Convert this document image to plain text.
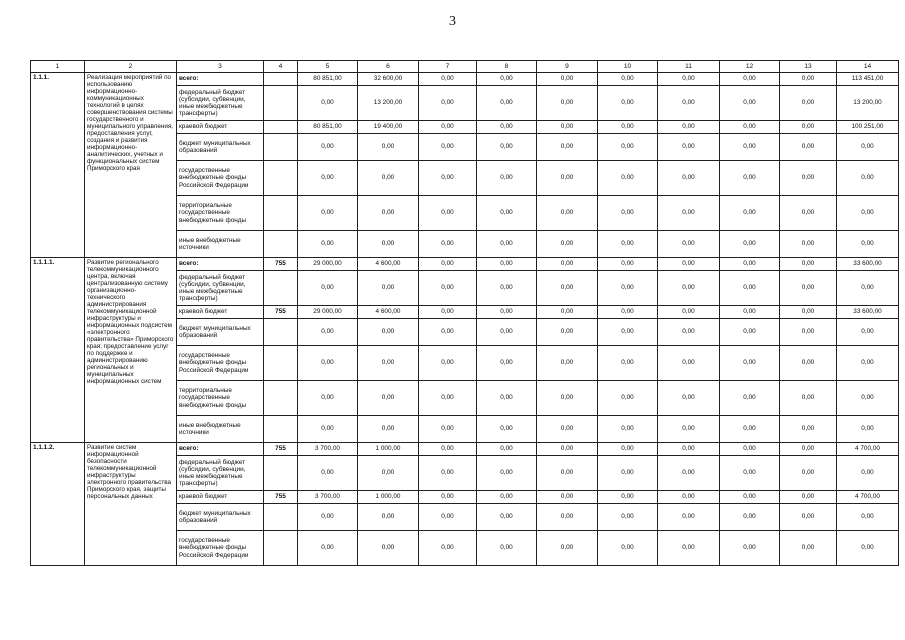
3
1	2	3	4	5	6	7	8	9	10	11	12	13	14
1.1.1.	Реализация мероприятий по использованию информационно-коммуникационных технологий в целях совершенствования системы государственного и муниципального управления, предоставления услуг, создания и развития информационно-аналитических, учетных и функциональных систем Приморского края	всего:		80 851,00	32 600,00	0,00	0,00	0,00	0,00	0,00	0,00	0,00	113 451,00
		федеральный бюджет (субсидии, субвенции, иные межбюджетные трансферты)		0,00	13 200,00	0,00	0,00	0,00	0,00	0,00	0,00	0,00	13 200,00
		краевой бюджет		80 851,00	19 400,00	0,00	0,00	0,00	0,00	0,00	0,00	0,00	100 251,00
		бюджет муниципальных образований		0,00	0,00	0,00	0,00	0,00	0,00	0,00	0,00	0,00	0,00
		государственные внебюджетные фонды Российской Федерации		0,00	0,00	0,00	0,00	0,00	0,00	0,00	0,00	0,00	0,00
		территориальные государственные внебюджетные фонды		0,00	0,00	0,00	0,00	0,00	0,00	0,00	0,00	0,00	0,00
		иные внебюджетные источники		0,00	0,00	0,00	0,00	0,00	0,00	0,00	0,00	0,00	0,00
1.1.1.1.	Развитие регионального телекоммуникационного центра, включая централизованную систему организационно-технического администрирования телекоммуникационной инфраструктуры и информационных подсистем «электронного правительства» Приморского края; предоставление услуг по поддержке и администрированию региональных и муниципальных информационных систем	всего:	755	29 000,00	4 600,00	0,00	0,00	0,00	0,00	0,00	0,00	0,00	33 600,00
		федеральный бюджет (субсидии, субвенции, иные межбюджетные трансферты)		0,00	0,00	0,00	0,00	0,00	0,00	0,00	0,00	0,00	0,00
		краевой бюджет	755	29 000,00	4 600,00	0,00	0,00	0,00	0,00	0,00	0,00	0,00	33 600,00
		бюджет муниципальных образований		0,00	0,00	0,00	0,00	0,00	0,00	0,00	0,00	0,00	0,00
		государственные внебюджетные фонды Российской Федерации		0,00	0,00	0,00	0,00	0,00	0,00	0,00	0,00	0,00	0,00
		территориальные государственные внебюджетные фонды		0,00	0,00	0,00	0,00	0,00	0,00	0,00	0,00	0,00	0,00
		иные внебюджетные источники		0,00	0,00	0,00	0,00	0,00	0,00	0,00	0,00	0,00	0,00
1.1.1.2.	Развитие систем информационной безопасности телекоммуникационной инфраструктуры электронного правительства Приморского края, защиты персональных данных	всего:	755	3 700,00	1 000,00	0,00	0,00	0,00	0,00	0,00	0,00	0,00	4 700,00
		федеральный бюджет (субсидии, субвенции, иные межбюджетные трансферты)		0,00	0,00	0,00	0,00	0,00	0,00	0,00	0,00	0,00	0,00
		краевой бюджет	755	3 700,00	1 000,00	0,00	0,00	0,00	0,00	0,00	0,00	0,00	4 700,00
		бюджет муниципальных образований		0,00	0,00	0,00	0,00	0,00	0,00	0,00	0,00	0,00	0,00
		государственные внебюджетные фонды Российской Федерации		0,00	0,00	0,00	0,00	0,00	0,00	0,00	0,00	0,00	0,00
